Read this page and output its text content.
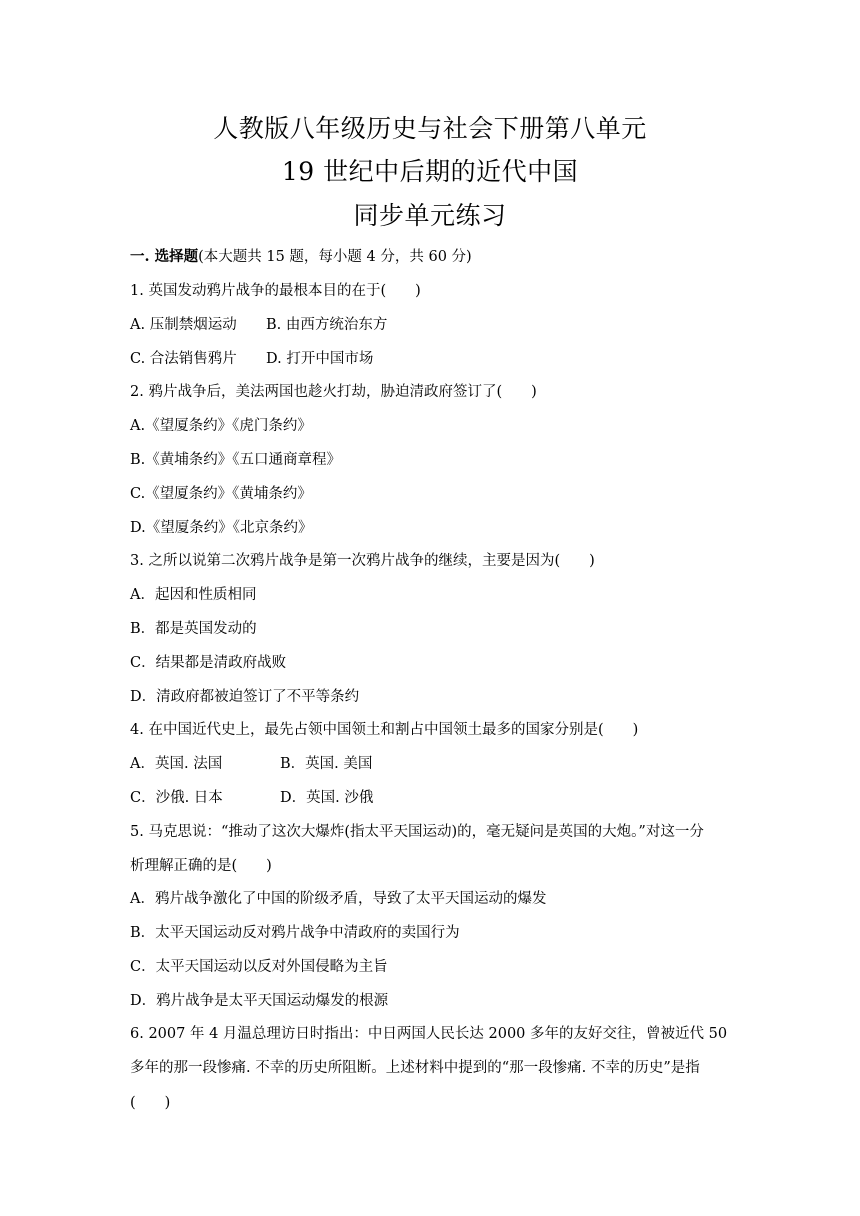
人教版八年级历史与社会下册第八单元
19 世纪中后期的近代中国
同步单元练习
一. 选择题(本大题共 15 题，每小题 4 分，共 60 分)
1. 英国发动鸦片战争的最根本目的在于(　　)
A. 压制禁烟运动 B. 由西方统治东方
C. 合法销售鸦片 D. 打开中国市场
2. 鸦片战争后，美法两国也趁火打劫，胁迫清政府签订了(　　)
A.《望厦条约》《虎门条约》
B.《黄埔条约》《五口通商章程》
C.《望厦条约》《黄埔条约》
D.《望厦条约》《北京条约》
3. 之所以说第二次鸦片战争是第一次鸦片战争的继续，主要是因为(　　)
A．起因和性质相同
B．都是英国发动的
C．结果都是清政府战败
D．清政府都被迫签订了不平等条约
4. 在中国近代史上，最先占领中国领土和割占中国领土最多的国家分别是(　　)
A．英国. 法国	B．英国. 美国
C．沙俄. 日本	D．英国. 沙俄
5. 马克思说：“推动了这次大爆炸(指太平天国运动)的，毫无疑问是英国的大炮。”对这一分
析理解正确的是(　　)
A．鸦片战争激化了中国的阶级矛盾，导致了太平天国运动的爆发
B．太平天国运动反对鸦片战争中清政府的卖国行为
C．太平天国运动以反对外国侵略为主旨
D．鸦片战争是太平天国运动爆发的根源
6. 2007 年 4 月温总理访日时指出：中日两国人民长达 2000 多年的友好交往，曾被近代 50
多年的那一段惨痛. 不幸的历史所阻断。上述材料中提到的“那一段惨痛. 不幸的历史”是指
(　　)
